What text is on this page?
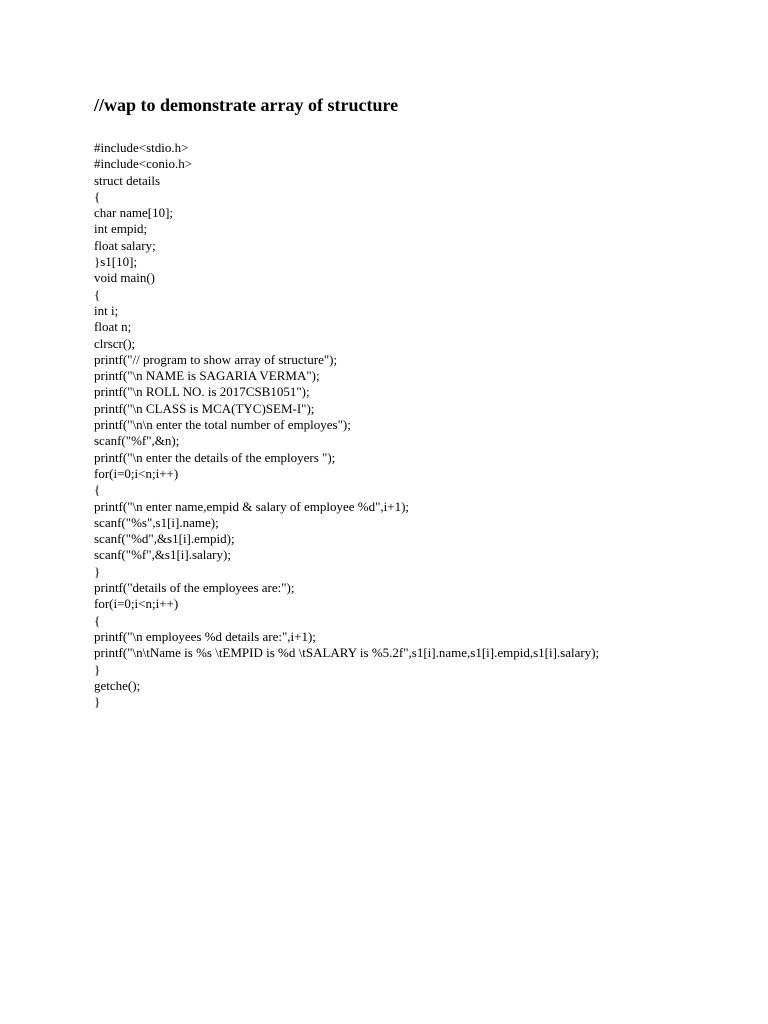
//wap to demonstrate array of structure
#include<stdio.h>
#include<conio.h>
struct details
{
char name[10];
int empid;
float salary;
}s1[10];
void main()
{
int i;
float n;
clrscr();
printf("// program to show array of structure");
printf("\n NAME is SAGARIA VERMA");
printf("\n ROLL NO. is 2017CSB1051");
printf("\n CLASS is MCA(TYC)SEM-I");
printf("\n\n enter the total number of employes");
scanf("%f",&n);
printf("\n enter the details of the employers ");
for(i=0;i<n;i++)
{
printf("\n enter name,empid & salary of employee %d",i+1);
scanf("%s",s1[i].name);
scanf("%d",&s1[i].empid);
scanf("%f",&s1[i].salary);
}
printf("details of the employees are:");
for(i=0;i<n;i++)
{
printf("\n employees %d details are:",i+1);
printf("\n\tName is %s \tEMPID is %d \tSALARY is %5.2f",s1[i].name,s1[i].empid,s1[i].salary);
}
getche();
}
